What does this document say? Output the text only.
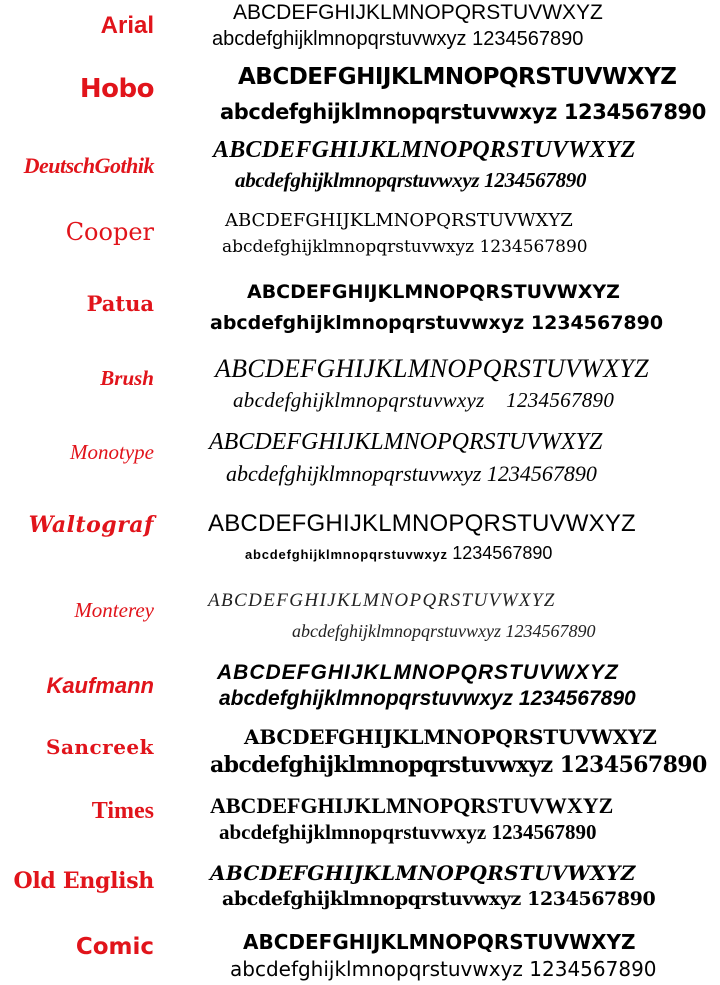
Arial	ABCDEFGHIJKLMNOPQRSTUVWXYZ
abcdefghijklmnopqrstuvwxyz 1234567890
Hobo	ABCDEFGHIJKLMNOPQRSTUVWXYZ
abcdefghijklmnopqrstuvwxyz 1234567890
DeutschGothik
ABCDEFGHIJKLMNOPQRSTUVWXYZ
abcdefghijklmnopqrstuvwxyz 1234567890
Cooper	ABCDEFGHIJKLMNOPQRSTUVWXYZ
abcdefghijklmnopqrstuvwxyz 1234567890
Patua	ABCDEFGHIJKLMNOPQRSTUVWXYZ
abcdefghijklmnopqrstuvwxyz 1234567890
Brush ABCDEFGHIJKLMNOPQRSTUVWXYZ
abcdefghijklmnopqrstuvwxyz 1234567890
Monotype ABCDEFGHIJKLMNOPQRSTUVWXYZ
abcdefghijklmnopqrstuvwxyz 1234567890
Waltograf ABCDEFGHIJKLMNOPQRSTUVWXYZ
abcdefghijklmnopqrstuvwxyz 1234567890
Monterey	ABCDEFGHIJKLMNOPQRSTUVWXYZ
abcdefghijklmnopqrstuvwxyz 1234567890
Kaufmann
ABCDEFGHIJKLMNOPQRSTUVWXYZ
abcdefghijklmnopqrstuvwxyz 1234567890
Sancreek	ABCDEFGHIJKLMNOPQRSTUVWXYZ
abcdefghijklmnopqrstuvwxyz 1234567890
Times	ABCDEFGHIJKLMNOPQRSTUVWXYZ
abcdefghijklmnopqrstuvwxyz 1234567890
Old English	ABCDEFGHIJKLMNOPQRSTUVWXYZ
abcdefghijklmnopqrstuvwxyz 1234567890
Comic	ABCDEFGHIJKLMNOPQRSTUVWXYZ
abcdefghijklmnopqrstuvwxyz 1234567890
